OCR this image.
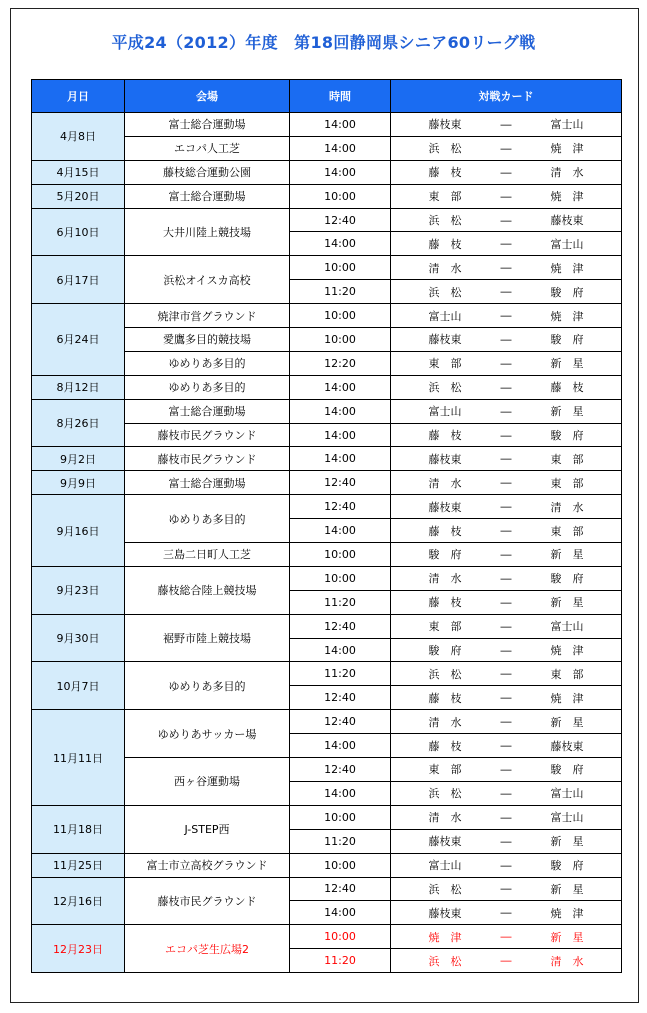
平成24（2012）年度　第18回静岡県シニア60リーグ戦
月日	会場	時間	対戦カード
4月8日	富士総合運動場	14:00	藤枝東 ― 富士山

	エコパ人工芝	14:00	浜　松 ― 焼　津

4月15日	藤枝総合運動公園	14:00	藤　枝 ― 清　水

5月20日	富士総合運動場	10:00	東　部 ― 焼　津

6月10日	大井川陸上競技場	12:40	浜　松 ― 藤枝東

		14:00	藤　枝 ― 富士山

6月17日	浜松オイスカ高校	10:00	清　水 ― 焼　津

		11:20	浜　松 ― 駿　府

6月24日	焼津市営グラウンド	10:00	富士山 ― 焼　津

	愛鷹多目的競技場	10:00	藤枝東 ― 駿　府

	ゆめりあ多目的	12:20	東　部 ― 新　星

8月12日	ゆめりあ多目的	14:00	浜　松 ― 藤　枝

8月26日	富士総合運動場	14:00	富士山 ― 新　星

	藤枝市民グラウンド	14:00	藤　枝 ― 駿　府

9月2日	藤枝市民グラウンド	14:00	藤枝東 ― 東　部

9月9日	富士総合運動場	12:40	清　水 ― 東　部

9月16日	ゆめりあ多目的	12:40	藤枝東 ― 清　水

		14:00	藤　枝 ― 東　部

	三島二日町人工芝	10:00	駿　府 ― 新　星

9月23日	藤枝総合陸上競技場	10:00	清　水 ― 駿　府

		11:20	藤　枝 ― 新　星

9月30日	裾野市陸上競技場	12:40	東　部 ― 富士山

		14:00	駿　府 ― 焼　津

10月7日	ゆめりあ多目的	11:20	浜　松 ― 東　部

		12:40	藤　枝 ― 焼　津

11月11日	ゆめりあサッカー場	12:40	清　水 ― 新　星

		14:00	藤　枝 ― 藤枝東

	西ヶ谷運動場	12:40	東　部 ― 駿　府

		14:00	浜　松 ― 富士山

11月18日	J-STEP西	10:00	清　水 ― 富士山

		11:20	藤枝東 ― 新　星

11月25日	富士市立高校グラウンド	10:00	富士山 ― 駿　府

12月16日	藤枝市民グラウンド	12:40	浜　松 ― 新　星

		14:00	藤枝東 ― 焼　津

12月23日	エコパ芝生広場2	10:00	焼　津 ― 新　星

		11:20	浜　松 ― 清　水
